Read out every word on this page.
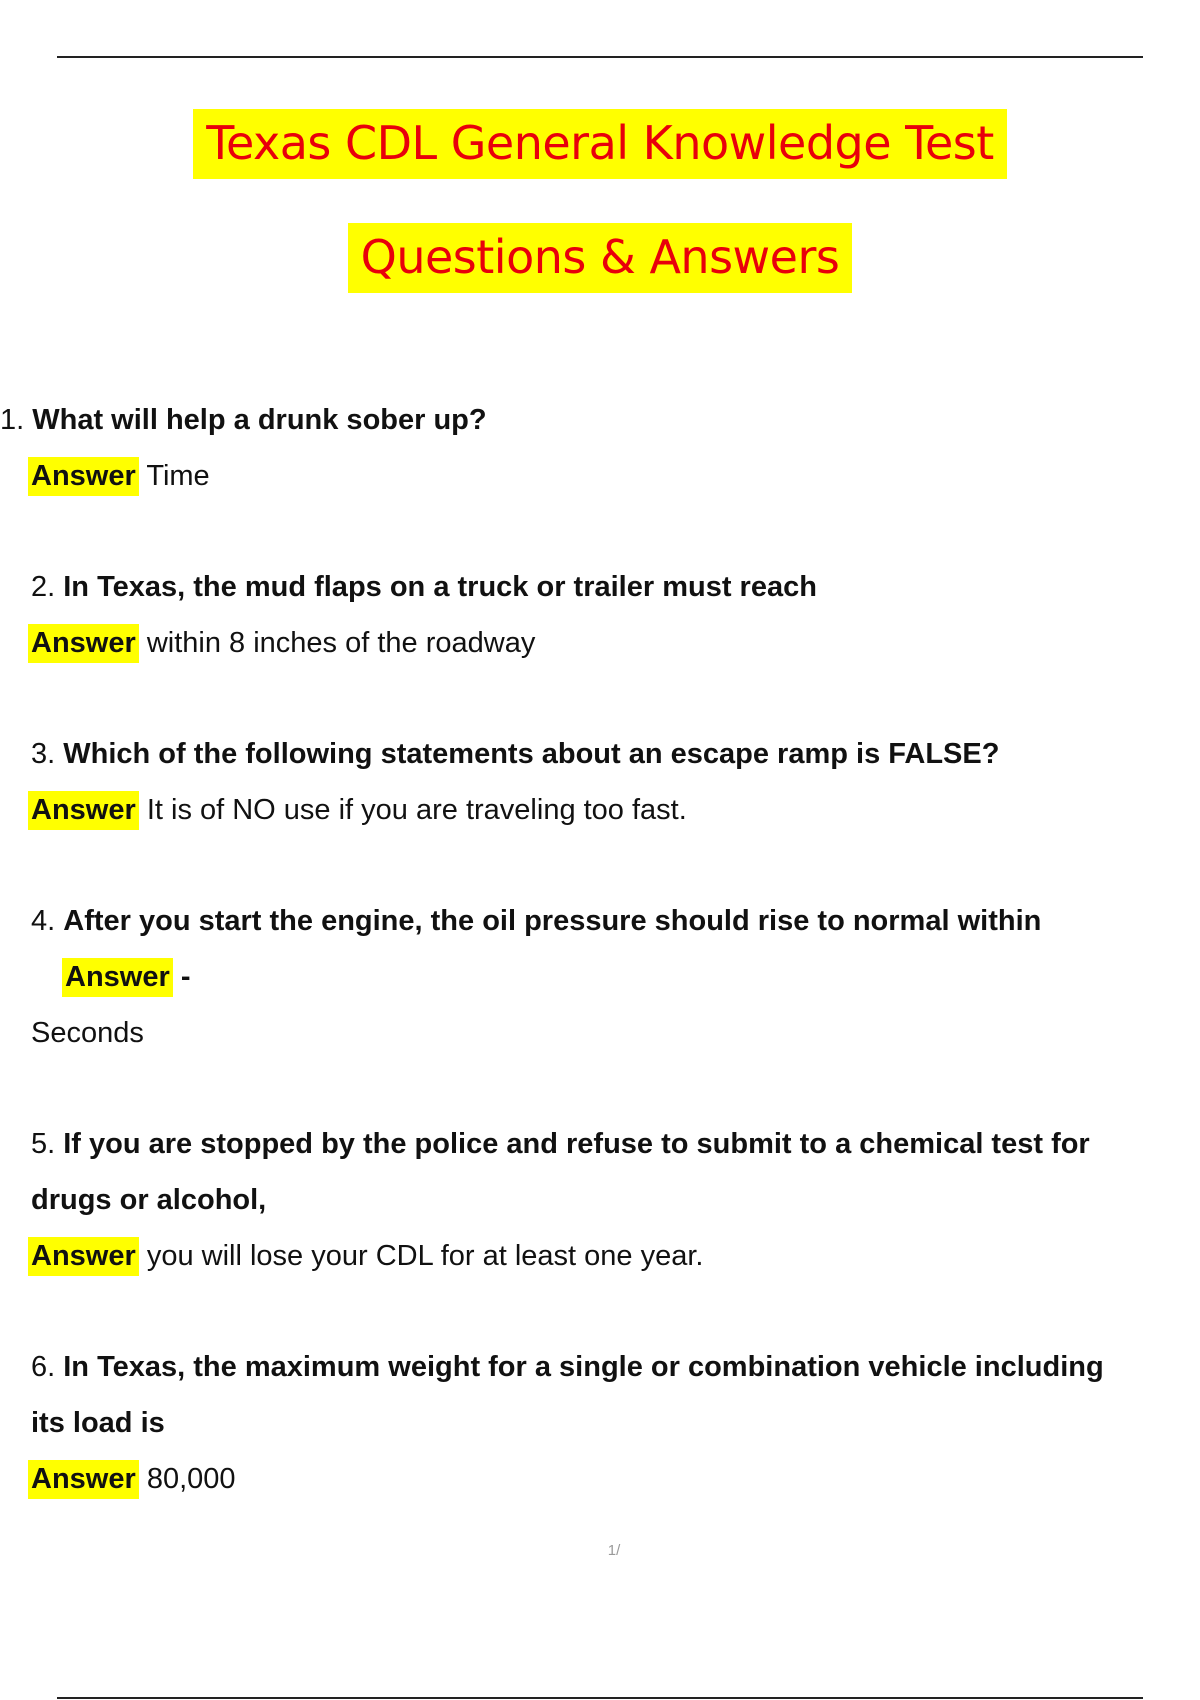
Texas CDL General Knowledge Test
Questions & Answers
1. What will help a drunk sober up?
Answer Time
2. In Texas, the mud flaps on a truck or trailer must reach
Answer within 8 inches of the roadway
3. Which of the following statements about an escape ramp is FALSE?
Answer It is of NO use if you are traveling too fast.
4. After you start the engine, the oil pressure should rise to normal within
Answer -
Seconds
5. If you are stopped by the police and refuse to submit to a chemical test for
drugs or alcohol,
Answer you will lose your CDL for at least one year.
6. In Texas, the maximum weight for a single or combination vehicle including
its load is
Answer 80,000
1/
